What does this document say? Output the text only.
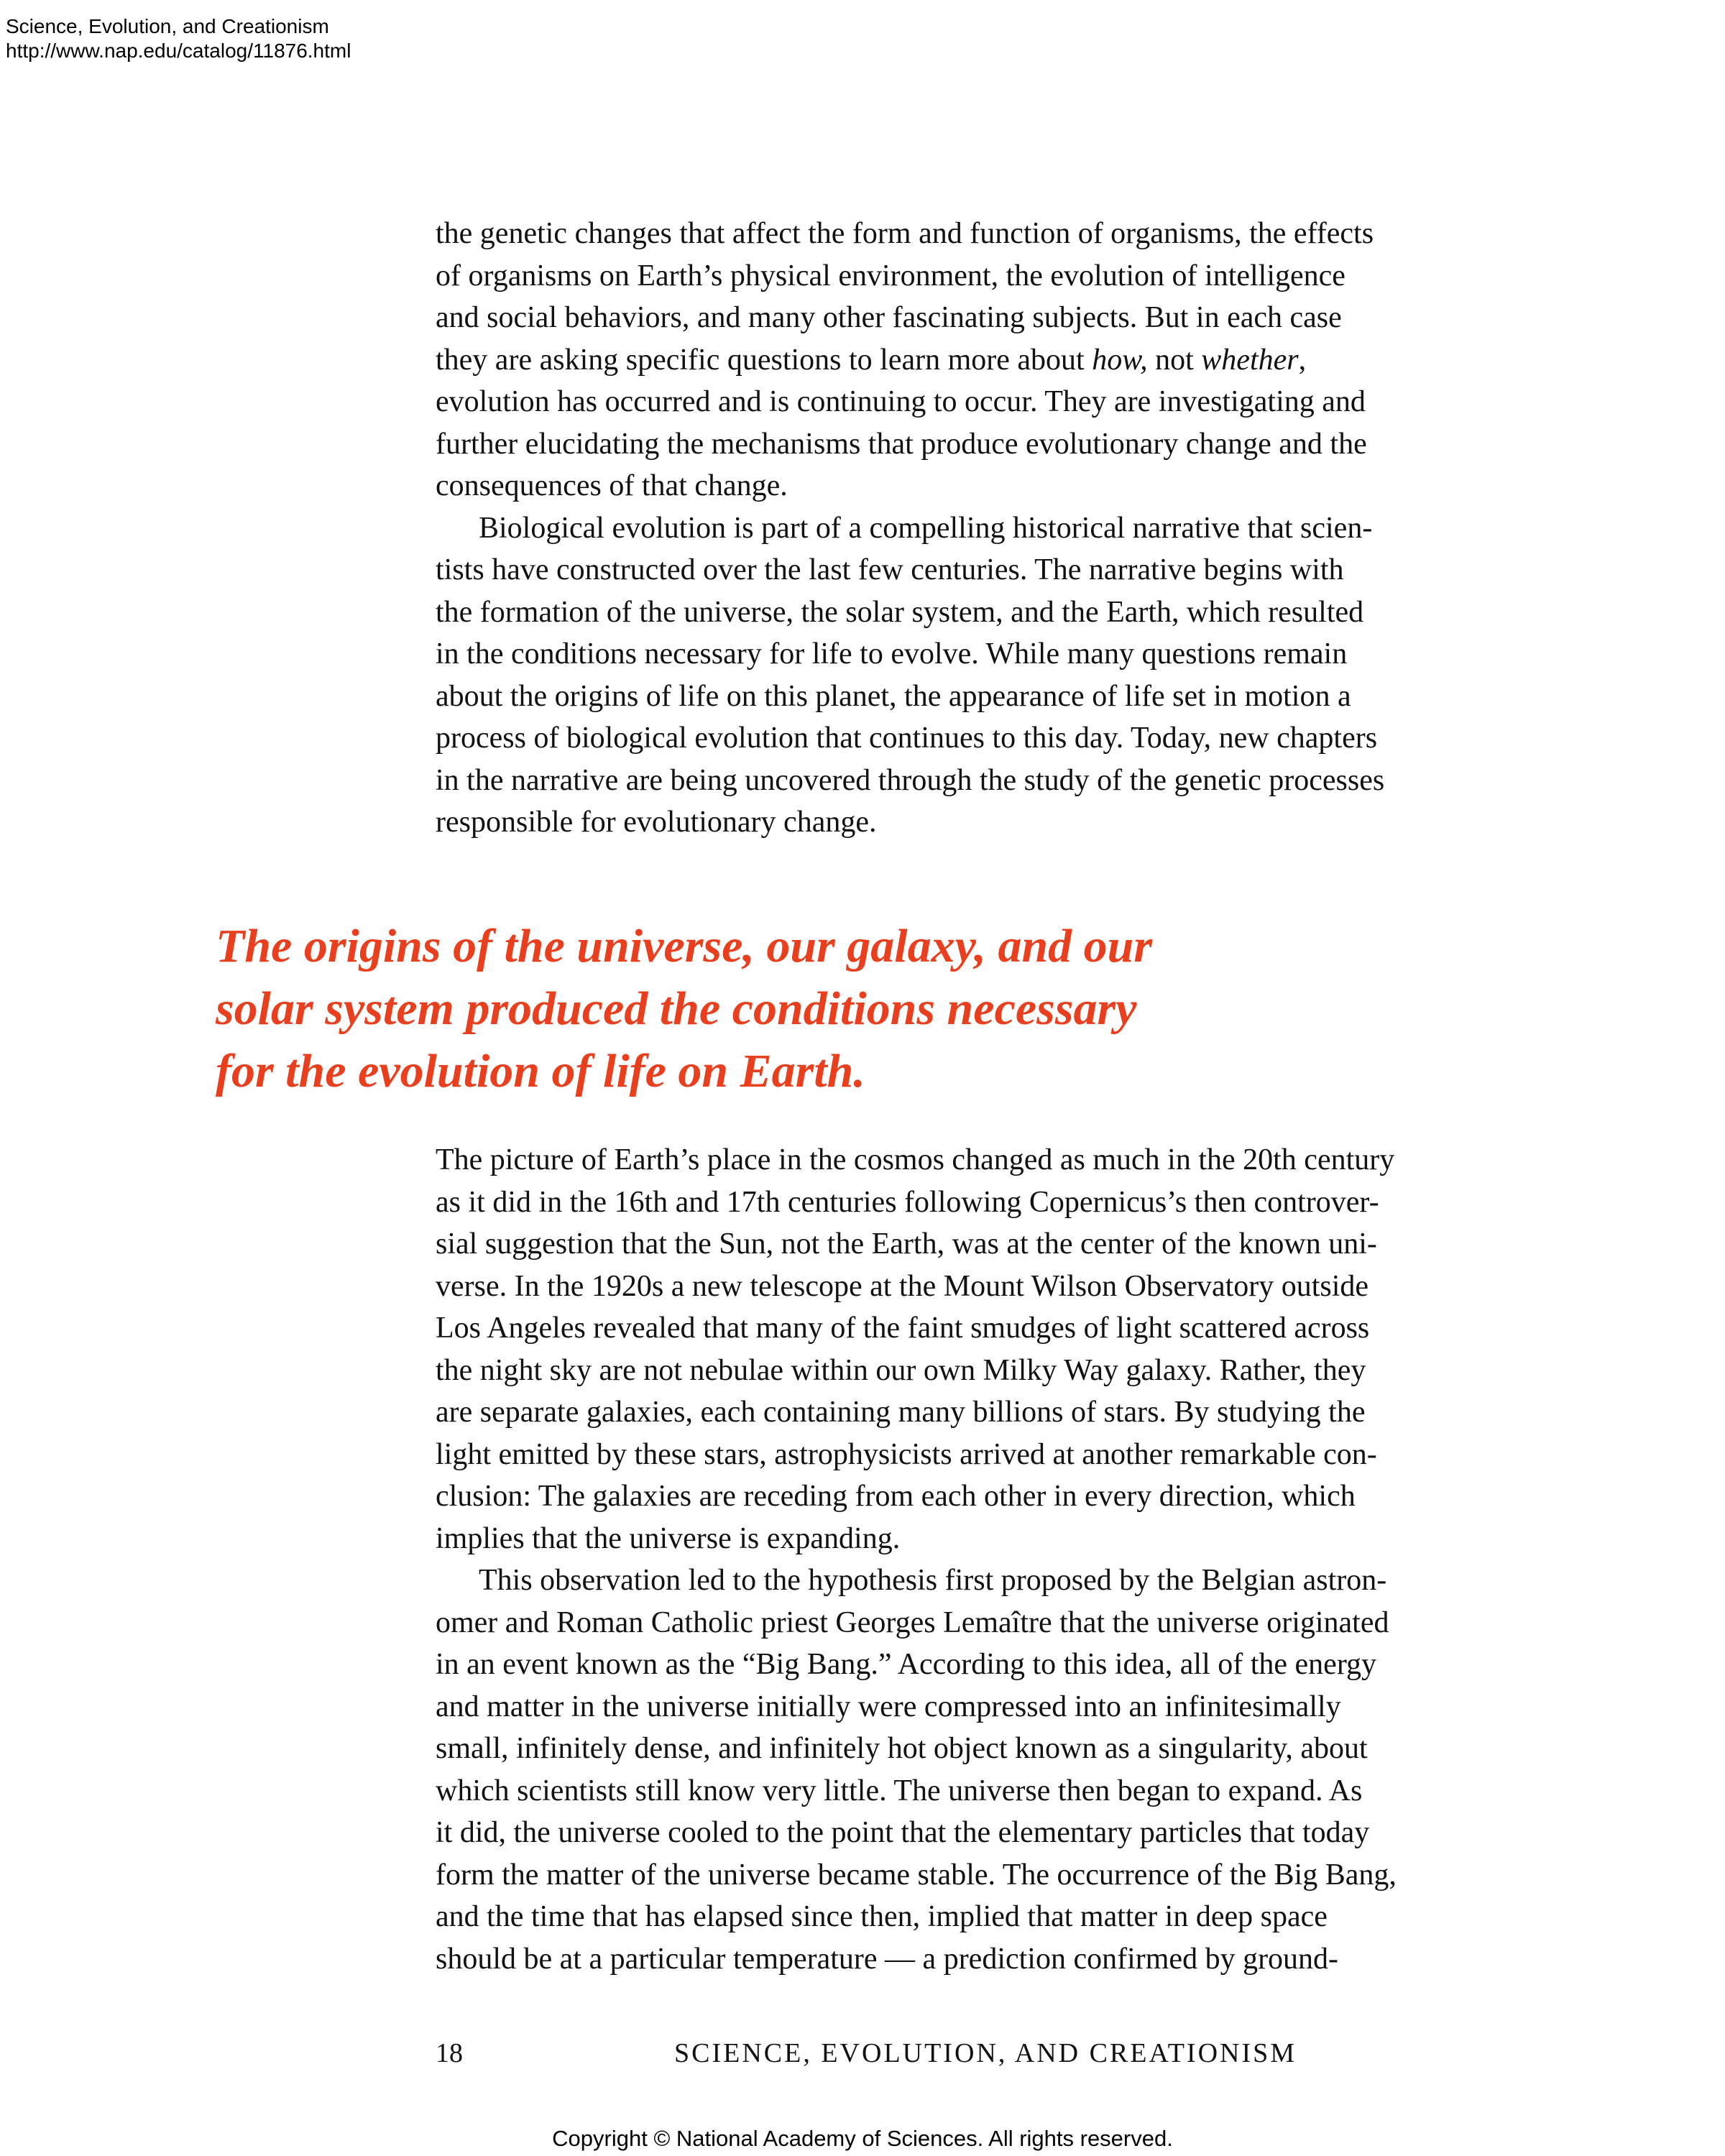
Science, Evolution, and Creationism
http://www.nap.edu/catalog/11876.html

the genetic changes that affect the form and function of organisms, the effects
of organisms on Earth’s physical environment, the evolution of intelligence
and social behaviors, and many other fascinating subjects. But in each case
they are asking specific questions to learn more about how, not whether,
evolution has occurred and is continuing to occur. They are investigating and
further elucidating the mechanisms that produce evolutionary change and the
consequences of that change.

Biological evolution is part of a compelling historical narrative that scien-
tists have constructed over the last few centuries. The narrative begins with
the formation of the universe, the solar system, and the Earth, which resulted
in the conditions necessary for life to evolve. While many questions remain
about the origins of life on this planet, the appearance of life set in motion a
process of biological evolution that continues to this day. Today, new chapters
in the narrative are being uncovered through the study of the genetic processes
responsible for evolutionary change.

The origins of the universe, our galaxy, and our
solar system produced the conditions necessary
for the evolution of life on Earth.

The picture of Earth’s place in the cosmos changed as much in the 20th century
as it did in the 16th and 17th centuries following Copernicus’s then controver-
sial suggestion that the Sun, not the Earth, was at the center of the known uni-
verse. In the 1920s a new telescope at the Mount Wilson Observatory outside
Los Angeles revealed that many of the faint smudges of light scattered across
the night sky are not nebulae within our own Milky Way galaxy. Rather, they
are separate galaxies, each containing many billions of stars. By studying the
light emitted by these stars, astrophysicists arrived at another remarkable con-
clusion: The galaxies are receding from each other in every direction, which
implies that the universe is expanding.

This observation led to the hypothesis first proposed by the Belgian astron-
omer and Roman Catholic priest Georges Lemaître that the universe originated
in an event known as the “Big Bang.” According to this idea, all of the energy
and matter in the universe initially were compressed into an infinitesimally
small, infinitely dense, and infinitely hot object known as a singularity, about
which scientists still know very little. The universe then began to expand. As
it did, the universe cooled to the point that the elementary particles that today
form the matter of the universe became stable. The occurrence of the Big Bang,
and the time that has elapsed since then, implied that matter in deep space
should be at a particular temperature — a prediction confirmed by ground-

18	SCIENCE, EVOLUTION, AND CREATIONISM
Copyright © National Academy of Sciences. All rights reserved.
